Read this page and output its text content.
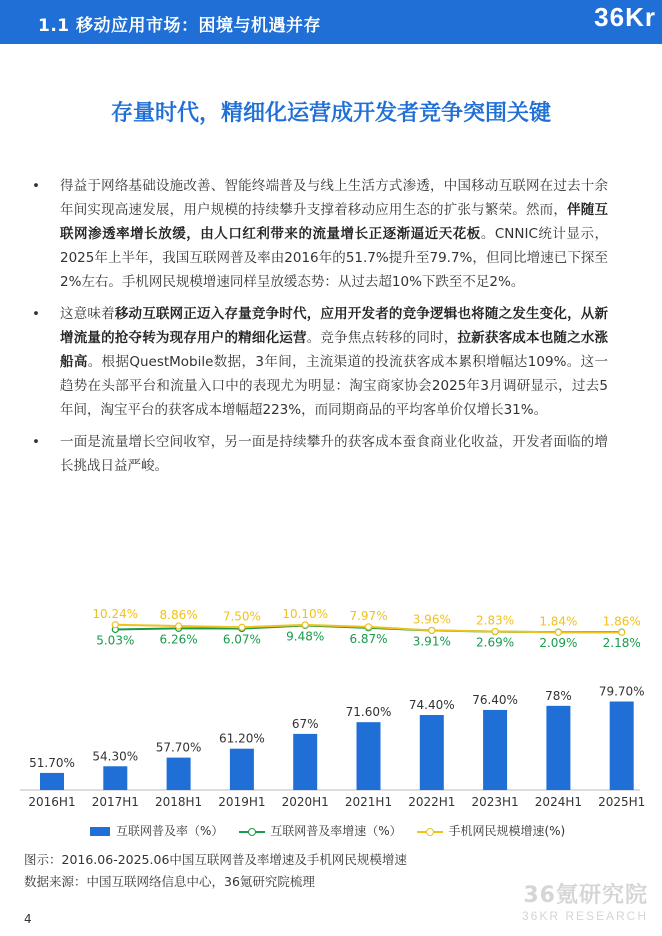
1.1 移动应用市场：困境与机遇并存	36Kr
存量时代，精细化运营成开发者竞争突围关键
• 得益于网络基础设施改善、智能终端普及与线上生活方式渗透，中国移动互联网在过去十余年间实现高速发展，用户规模的持续攀升支撑着移动应用生态的扩张与繁荣。然而，伴随互联网渗透率增长放缓，由人口红利带来的流量增长正逐渐逼近天花板。CNNIC统计显示，2025年上半年，我国互联网普及率由2016年的51.7%提升至79.7%，但同比增速已下探至2%左右。手机网民规模增速同样呈放缓态势：从过去超10%下跌至不足2%。
• 这意味着移动互联网正迈入存量竞争时代，应用开发者的竞争逻辑也将随之发生变化，从新增流量的抢夺转为现存用户的精细化运营。竞争焦点转移的同时，拉新获客成本也随之水涨船高。根据QuestMobile数据，3年间，主流渠道的投流获客成本累积增幅达109%。这一趋势在头部平台和流量入口中的表现尤为明显：淘宝商家协会2025年3月调研显示，过去5年间，淘宝平台的获客成本增幅超223%，而同期商品的平均客单价仅增长31%。
• 一面是流量增长空间收窄，另一面是持续攀升的获客成本蚕食商业化收益，开发者面临的增长挑战日益严峻。
51.70%
2016H1
54.30%
2017H1
57.70%
2018H1
61.20%
2019H1
67%
2020H1
71.60%
2021H1
74.40%
2022H1
76.40%
2023H1
78%
2024H1
79.70%
2025H1
5.03% 6.26% 6.07% 9.48% 6.87% 3.91% 2.69% 2.09% 2.18%
10.24% 8.86% 7.50% 10.10% 7.97% 3.96% 2.83% 1.84% 1.86%
互联网普及率（%）	互联网普及率增速（%）	手机网民规模增速(%)
图示：2016.06-2025.06中国互联网普及率增速及手机网民规模增速
数据来源：中国互联网络信息中心，36氪研究院梳理
36氪研究院
36KR RESEARCH
4
